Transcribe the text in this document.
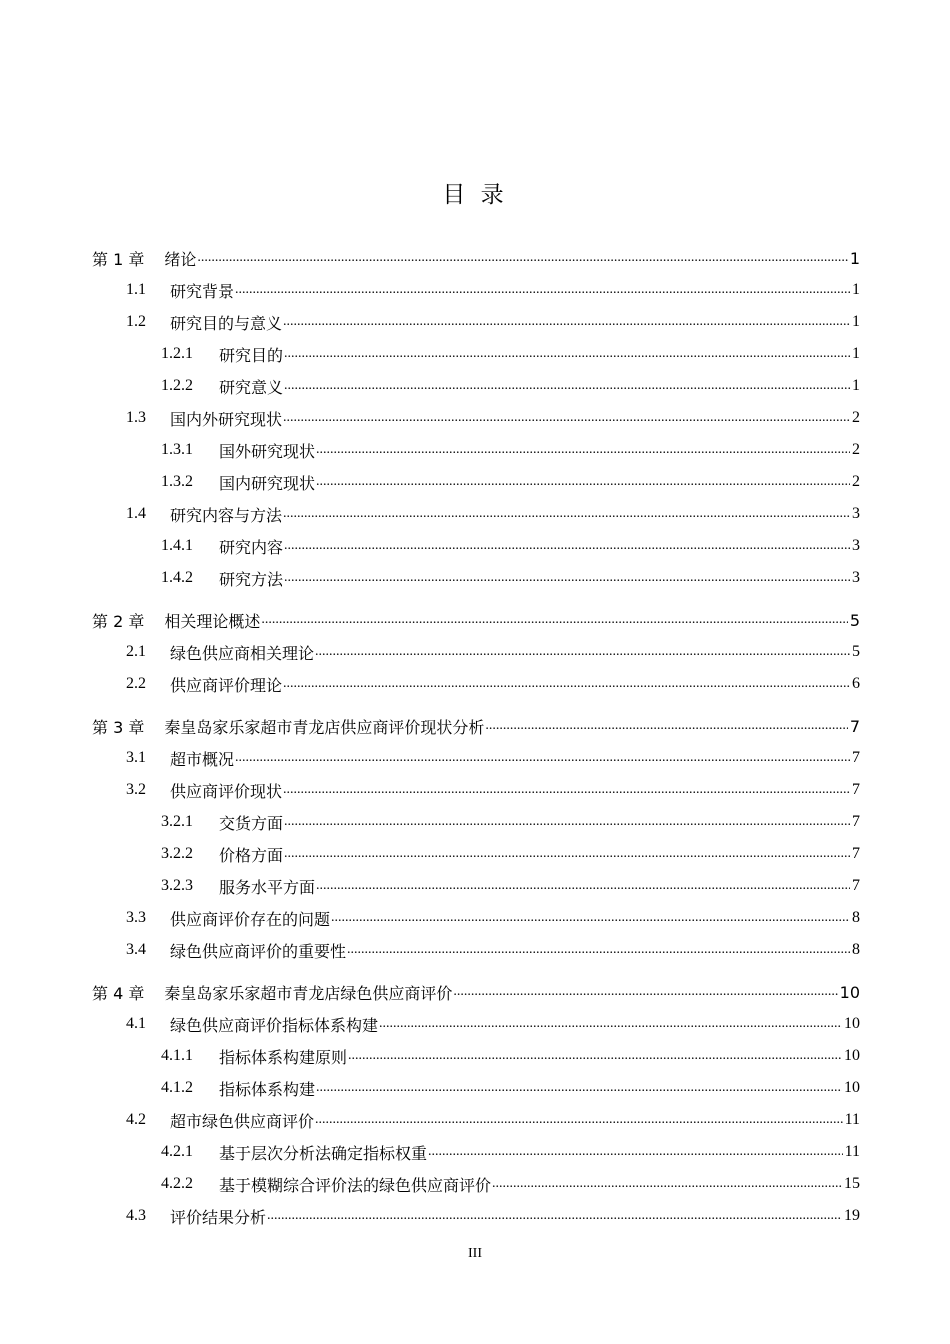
目 录
第 1 章 绪论 .....	1
1.1	研究背景 .....	1
1.2	研究目的与意义 .....	1
1.2.1	研究目的 .....	1
1.2.2	研究意义 .....	1
1.3	国内外研究现状 .....	2
1.3.1	国外研究现状 .....	2
1.3.2	国内研究现状 .....	2
1.4	研究内容与方法 .....	3
1.4.1	研究内容 .....	3
1.4.2	研究方法 .....	3
第 2 章 相关理论概述 .....	5
2.1	绿色供应商相关理论 .....	5
2.2	供应商评价理论 .....	6
第 3 章 秦皇岛家乐家超市青龙店供应商评价现状分析 .....	7
3.1	超市概况 .....	7
3.2	供应商评价现状 .....	7
3.2.1	交货方面 .....	7
3.2.2	价格方面 .....	7
3.2.3	服务水平方面 .....	7
3.3	供应商评价存在的问题 .....	8
3.4	绿色供应商评价的重要性 .....	8
第 4 章 秦皇岛家乐家超市青龙店绿色供应商评价 .....	10
4.1	绿色供应商评价指标体系构建 .....	10
4.1.1	指标体系构建原则 .....	10
4.1.2	指标体系构建 .....	10
4.2	超市绿色供应商评价 .....	11
4.2.1	基于层次分析法确定指标权重 .....	11
4.2.2	基于模糊综合评价法的绿色供应商评价 .....	15
4.3	评价结果分析 .....	19
III
